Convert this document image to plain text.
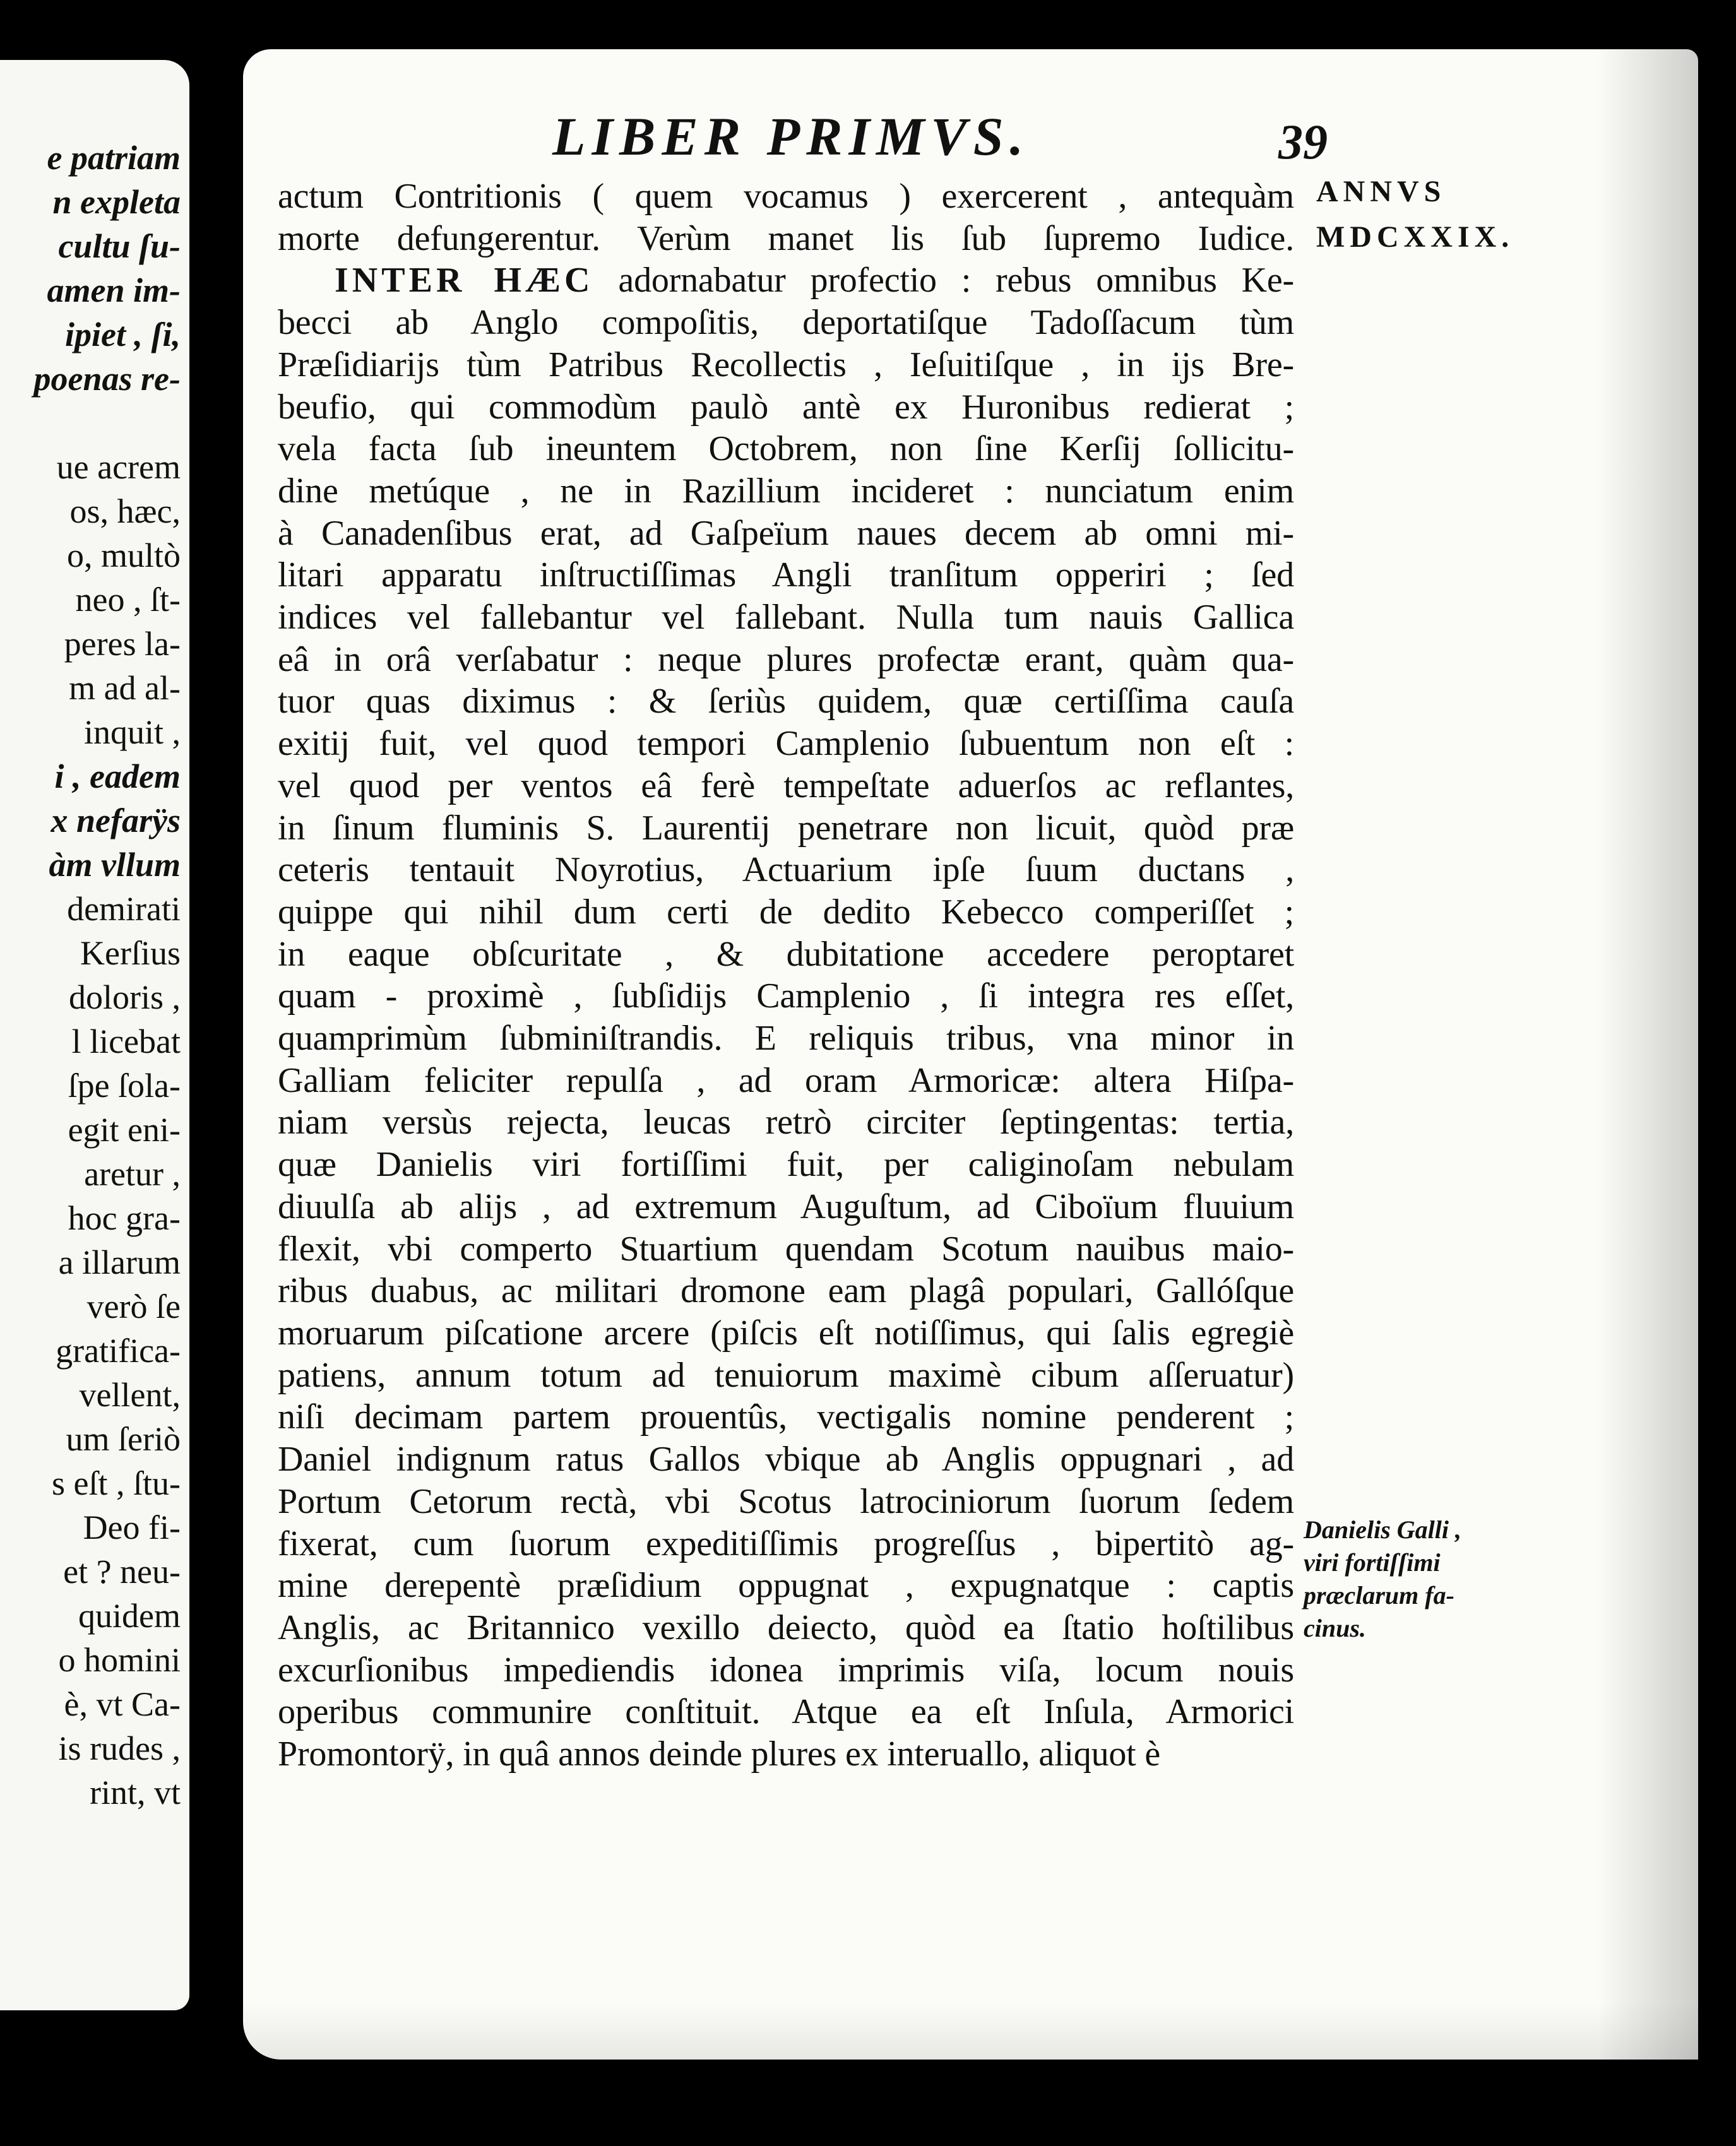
e patriam
n expleta
cultu ſu-
amen im-
ipiet , ſi,
poenas re-
ue acrem
os, hæc,
o, multò
neo , ſt-
peres la-
m ad al-
inquit ,
i , eadem
x nefarÿs
àm vllum
demirati
Kerſius
doloris ,
l licebat
ſpe ſola-
egit eni-
aretur ,
hoc gra-
a illarum
verò ſe
gratifica-
vellent,
um ſeriò
s eſt , ſtu-
Deo fi-
et ? neu-
quidem
o homini
è, vt Ca-
is rudes ,
rint, vt
LIBER PRIMVS.	39
ANNVS
MDCXXIX.
actum Contritionis ( quem vocamus ) exercerent , antequàm
morte defungerentur. Verùm manet lis ſub ſupremo Iudice.
INTER HÆC adornabatur profectio : rebus omnibus Ke-
becci ab Anglo compoſitis, deportatiſque Tadoſſacum tùm
Præſidiarijs tùm Patribus Recollectis , Ieſuitiſque , in ijs Bre-
beufio, qui commodùm paulò antè ex Huronibus redierat ;
vela facta ſub ineuntem Octobrem, non ſine Kerſij ſollicitu-
dine metúque , ne in Razillium incideret : nunciatum enim
à Canadenſibus erat, ad Gaſpeïum naues decem ab omni mi-
litari apparatu inſtructiſſimas Angli tranſitum opperiri ; ſed
indices vel fallebantur vel fallebant. Nulla tum nauis Gallica
eâ in orâ verſabatur : neque plures profectæ erant, quàm qua-
tuor quas diximus : & ſeriùs quidem, quæ certiſſima cauſa
exitij fuit, vel quod tempori Camplenio ſubuentum non eſt :
vel quod per ventos eâ ferè tempeſtate aduerſos ac reflantes,
in ſinum fluminis S. Laurentij penetrare non licuit, quòd præ
ceteris tentauit Noyrotius, Actuarium ipſe ſuum ductans ,
quippe qui nihil dum certi de dedito Kebecco comperiſſet ;
in eaque obſcuritate , & dubitatione accedere peroptaret
quam - proximè , ſubſidijs Camplenio , ſi integra res eſſet,
quamprimùm ſubminiſtrandis. E reliquis tribus, vna minor in
Galliam feliciter repulſa , ad oram Armoricæ: altera Hiſpa-
niam versùs rejecta, leucas retrò circiter ſeptingentas: tertia,
quæ Danielis viri fortiſſimi fuit, per caliginoſam nebulam
diuulſa ab alijs , ad extremum Auguſtum, ad Ciboïum fluuium
flexit, vbi comperto Stuartium quendam Scotum nauibus maio-
ribus duabus, ac militari dromone eam plagâ populari, Gallóſque
moruarum piſcatione arcere (piſcis eſt notiſſimus, qui ſalis egregiè
patiens, annum totum ad tenuiorum maximè cibum aſſeruatur)
niſi decimam partem prouentûs, vectigalis nomine penderent ;
Daniel indignum ratus Gallos vbique ab Anglis oppugnari , ad
Portum Cetorum rectà, vbi Scotus latrociniorum ſuorum ſedem
fixerat, cum ſuorum expeditiſſimis progreſſus , bipertitò ag-
mine derepentè præſidium oppugnat , expugnatque : captis
Anglis, ac Britannico vexillo deiecto, quòd ea ſtatio hoſtilibus
excurſionibus impediendis idonea imprimis viſa, locum nouis
operibus communire conſtituit. Atque ea eſt Inſula, Armorici
Promontorÿ, in quâ annos deinde plures ex interuallo, aliquot è
Danielis Galli ,
viri fortiſſimi
præclarum fa-
cinus.
